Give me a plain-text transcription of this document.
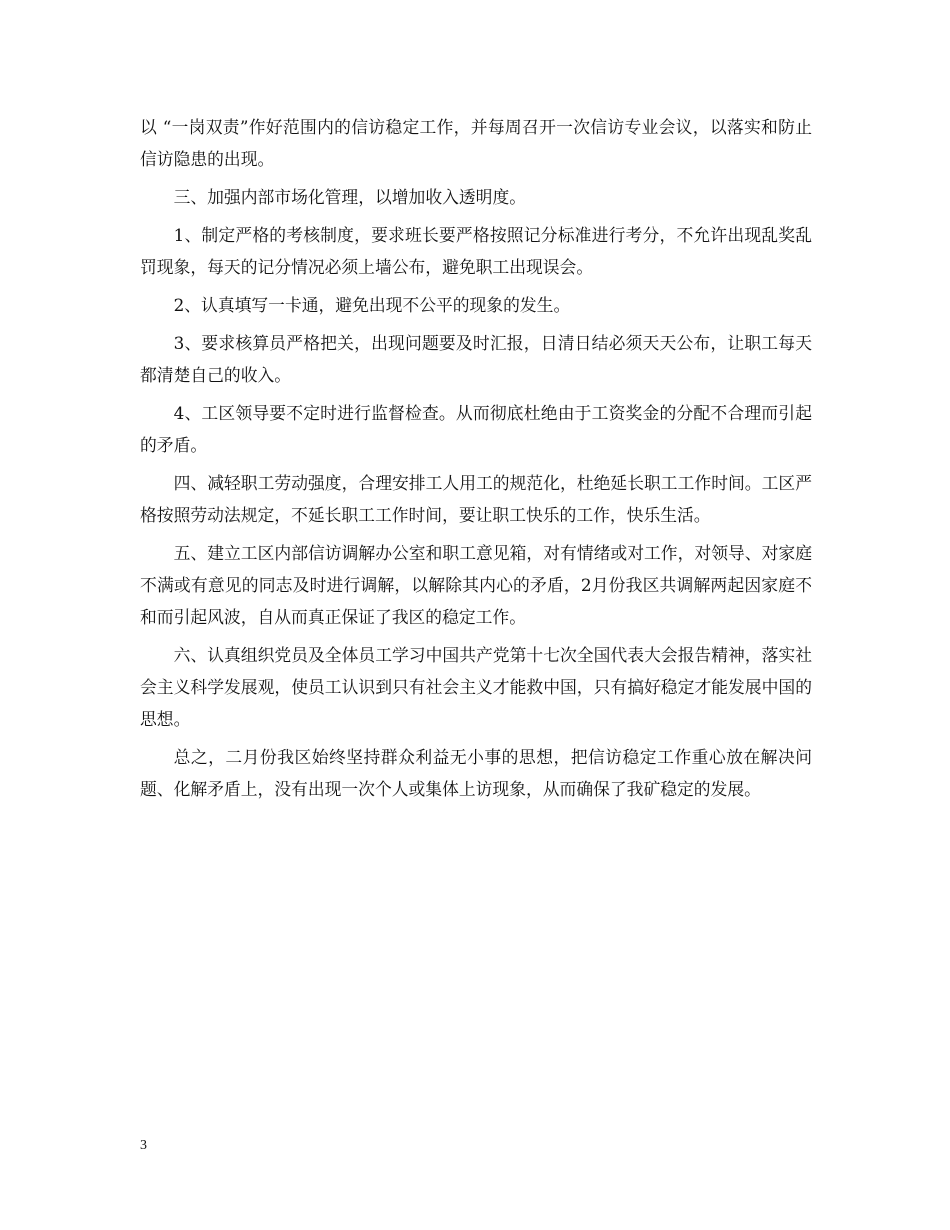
以 “一岗双责”作好范围内的信访稳定工作，并每周召开一次信访专业会议，以落实和防止信访隐患的出现。

三、加强内部市场化管理，以增加收入透明度。

1、制定严格的考核制度，要求班长要严格按照记分标准进行考分，不允许出现乱奖乱罚现象，每天的记分情况必须上墙公布，避免职工出现误会。

2、认真填写一卡通，避免出现不公平的现象的发生。

3、要求核算员严格把关，出现问题要及时汇报，日清日结必须天天公布，让职工每天都清楚自己的收入。

4、工区领导要不定时进行监督检查。从而彻底杜绝由于工资奖金的分配不合理而引起的矛盾。

四、减轻职工劳动强度，合理安排工人用工的规范化，杜绝延长职工工作时间。工区严格按照劳动法规定，不延长职工工作时间，要让职工快乐的工作，快乐生活。

五、建立工区内部信访调解办公室和职工意见箱，对有情绪或对工作，对领导、对家庭不满或有意见的同志及时进行调解，以解除其内心的矛盾，2月份我区共调解两起因家庭不和而引起风波，自从而真正保证了我区的稳定工作。

六、认真组织党员及全体员工学习中国共产党第十七次全国代表大会报告精神，落实社会主义科学发展观，使员工认识到只有社会主义才能救中国，只有搞好稳定才能发展中国的思想。

总之，二月份我区始终坚持群众利益无小事的思想，把信访稳定工作重心放在解决问题、化解矛盾上，没有出现一次个人或集体上访现象，从而确保了我矿稳定的发展。

3
